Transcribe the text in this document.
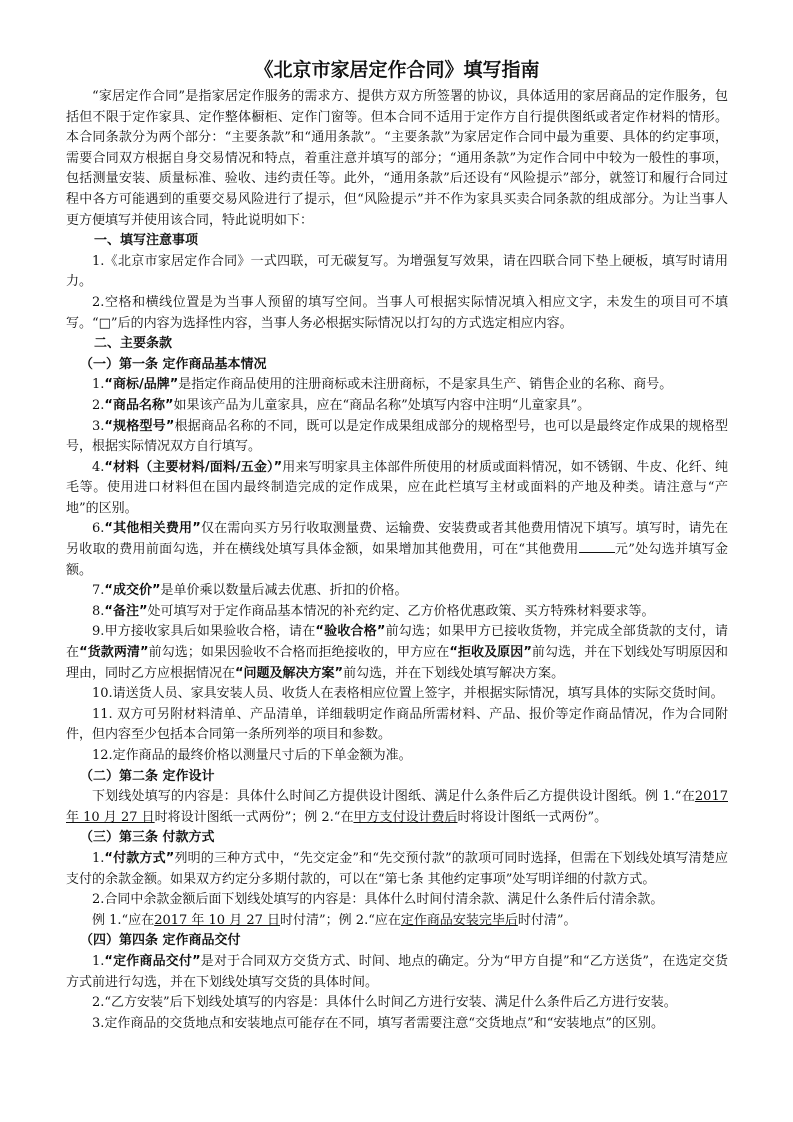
《北京市家居定作合同》填写指南

“家居定作合同”是指家居定作服务的需求方、提供方双方所签署的协议，具体适用的家居商品的定作服务，包括但不限于定作家具、定作整体橱柜、定作门窗等。但本合同不适用于定作方自行提供图纸或者定作材料的情形。本合同条款分为两个部分：“主要条款”和“通用条款”。“主要条款”为家居定作合同中最为重要、具体的约定事项，需要合同双方根据自身交易情况和特点，着重注意并填写的部分；“通用条款”为定作合同中中较为一般性的事项，包括测量安装、质量标准、验收、违约责任等。此外，“通用条款”后还设有“风险提示”部分，就签订和履行合同过程中各方可能遇到的重要交易风险进行了提示，但“风险提示”并不作为家具买卖合同条款的组成部分。为让当事人更方便填写并使用该合同，特此说明如下：

一、填写注意事项

1.《北京市家居定作合同》一式四联，可无碳复写。为增强复写效果，请在四联合同下垫上硬板，填写时请用力。

2.空格和横线位置是为当事人预留的填写空间。当事人可根据实际情况填入相应文字，未发生的项目可不填写。“□”后的内容为选择性内容，当事人务必根据实际情况以打勾的方式选定相应内容。

二、主要条款
（一）第一条 定作商品基本情况

1.“商标/品牌”是指定作商品使用的注册商标或未注册商标，不是家具生产、销售企业的名称、商号。

2.“商品名称”如果该产品为儿童家具，应在“商品名称”处填写内容中注明“儿童家具”。

3.“规格型号”根据商品名称的不同，既可以是定作成果组成部分的规格型号，也可以是最终定作成果的规格型号，根据实际情况双方自行填写。

4.“材料（主要材料/面料/五金）”用来写明家具主体部件所使用的材质或面料情况，如不锈钢、牛皮、化纤、纯毛等。使用进口材料但在国内最终制造完成的定作成果，应在此栏填写主材或面料的产地及种类。请注意与“产地”的区别。

6.“其他相关费用”仅在需向买方另行收取测量费、运输费、安装费或者其他费用情况下填写。填写时，请先在另收取的费用前面勾选，并在横线处填写具体金额，如果增加其他费用，可在“其他费用	元”处勾选并填写金额。

7.“成交价”是单价乘以数量后减去优惠、折扣的价格。

8.“备注”处可填写对于定作商品基本情况的补充约定、乙方价格优惠政策、买方特殊材料要求等。

9.甲方接收家具后如果验收合格，请在“验收合格”前勾选；如果甲方已接收货物，并完成全部货款的支付，请在“货款两清”前勾选；如果因验收不合格而拒绝接收的，甲方应在“拒收及原因”前勾选，并在下划线处写明原因和理由，同时乙方应根据情况在“问题及解决方案”前勾选，并在下划线处填写解决方案。

10.请送货人员、家具安装人员、收货人在表格相应位置上签字，并根据实际情况，填写具体的实际交货时间。

11. 双方可另附材料清单、产品清单，详细载明定作商品所需材料、产品、报价等定作商品情况，作为合同附件，但内容至少包括本合同第一条所列举的项目和参数。

12.定作商品的最终价格以测量尺寸后的下单金额为准。

（二）第二条 定作设计

下划线处填写的内容是：具体什么时间乙方提供设计图纸、满足什么条件后乙方提供设计图纸。例 1.“在2017 年 10 月 27 日时将设计图纸一式两份”；例 2.“在甲方支付设计费后时将设计图纸一式两份”。

（三）第三条 付款方式

1.“付款方式”列明的三种方式中，“先交定金”和“先交预付款”的款项可同时选择，但需在下划线处填写清楚应支付的余款金额。如果双方约定分多期付款的，可以在“第七条 其他约定事项”处写明详细的付款方式。

2.合同中余款金额后面下划线处填写的内容是：具体什么时间付清余款、满足什么条件后付清余款。

例 1.“应在2017 年 10 月 27 日时付清”；例 2.“应在定作商品安装完毕后时付清”。

（四）第四条 定作商品交付

1.“定作商品交付”是对于合同双方交货方式、时间、地点的确定。分为“甲方自提”和“乙方送货”，在选定交货方式前进行勾选，并在下划线处填写交货的具体时间。

2.“乙方安装”后下划线处填写的内容是：具体什么时间乙方进行安装、满足什么条件后乙方进行安装。

3.定作商品的交货地点和安装地点可能存在不同，填写者需要注意“交货地点”和“安装地点”的区别。
